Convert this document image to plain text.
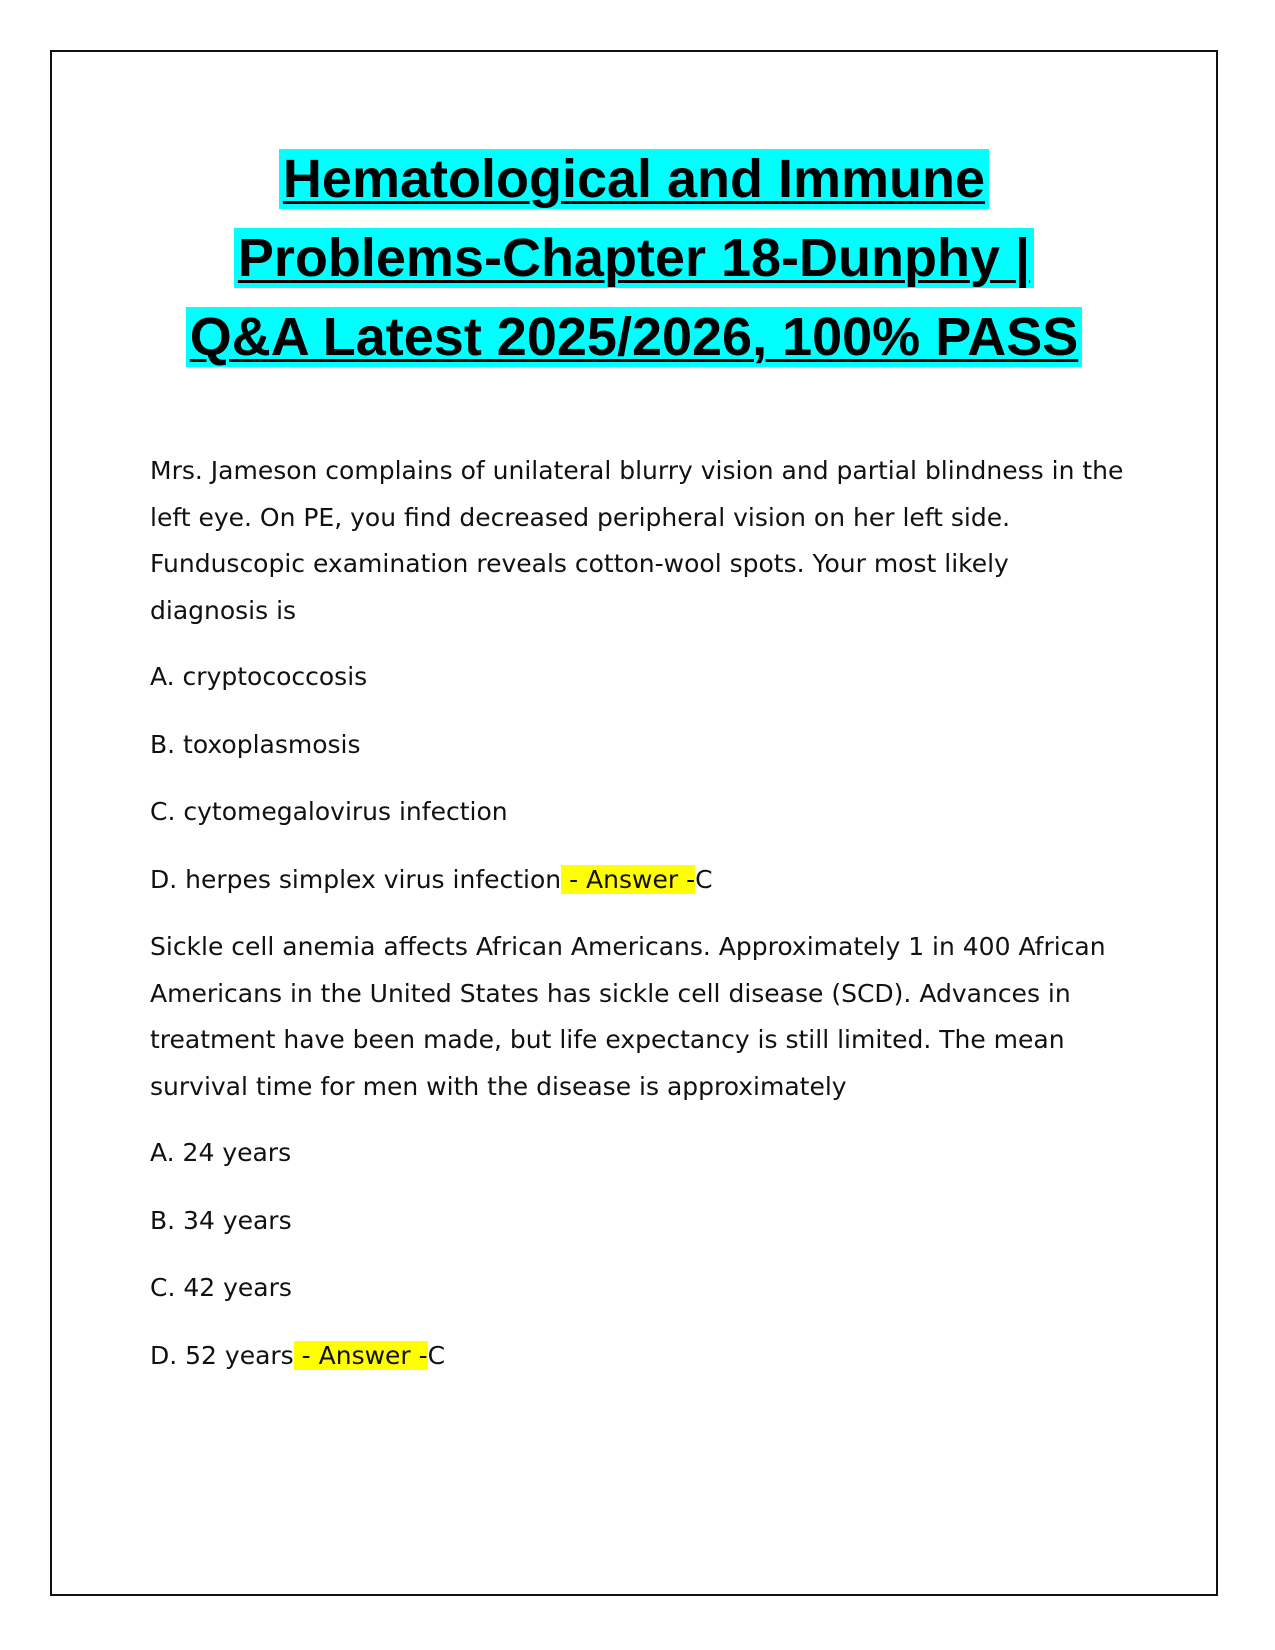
Hematological and Immune
Problems-Chapter 18-Dunphy |
Q&A Latest 2025/2026, 100% PASS

Mrs. Jameson complains of unilateral blurry vision and partial blindness in the left eye. On PE, you find decreased peripheral vision on her left side. Funduscopic examination reveals cotton-wool spots. Your most likely diagnosis is

A. cryptococcosis

B. toxoplasmosis

C. cytomegalovirus infection

D. herpes simplex virus infection - Answer -C

Sickle cell anemia affects African Americans. Approximately 1 in 400 African Americans in the United States has sickle cell disease (SCD). Advances in treatment have been made, but life expectancy is still limited. The mean survival time for men with the disease is approximately

A. 24 years

B. 34 years

C. 42 years

D. 52 years - Answer -C
